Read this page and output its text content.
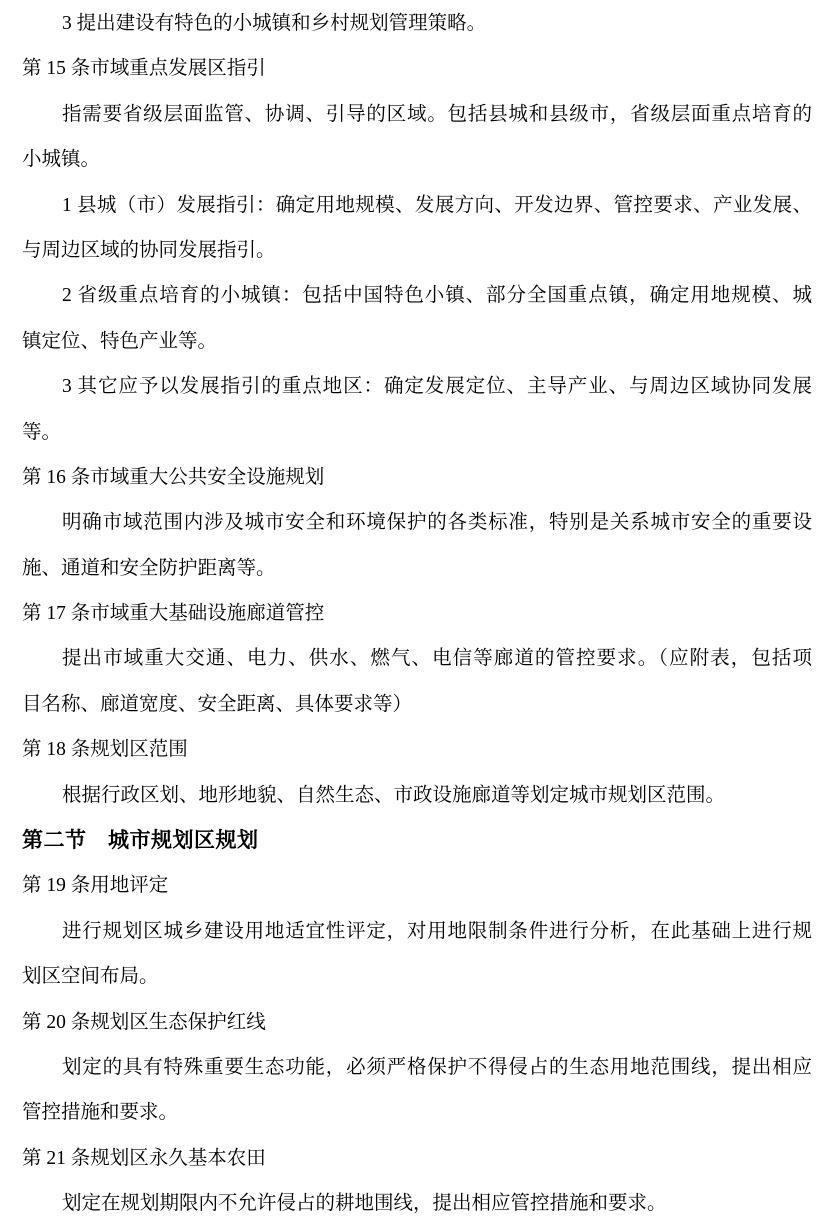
3 提出建设有特色的小城镇和乡村规划管理策略。
第 15 条市域重点发展区指引
指需要省级层面监管、协调、引导的区域。包括县城和县级市，省级层面重点培育的
小城镇。
1 县城（市）发展指引：确定用地规模、发展方向、开发边界、管控要求、产业发展、
与周边区域的协同发展指引。
2 省级重点培育的小城镇：包括中国特色小镇、部分全国重点镇，确定用地规模、城
镇定位、特色产业等。
3 其它应予以发展指引的重点地区：确定发展定位、主导产业、与周边区域协同发展
等。
第 16 条市域重大公共安全设施规划
明确市域范围内涉及城市安全和环境保护的各类标准，特别是关系城市安全的重要设
施、通道和安全防护距离等。
第 17 条市域重大基础设施廊道管控
提出市域重大交通、电力、供水、燃气、电信等廊道的管控要求。（应附表，包括项
目名称、廊道宽度、安全距离、具体要求等）
第 18 条规划区范围
根据行政区划、地形地貌、自然生态、市政设施廊道等划定城市规划区范围。
第二节　城市规划区规划
第 19 条用地评定
进行规划区城乡建设用地适宜性评定，对用地限制条件进行分析，在此基础上进行规
划区空间布局。
第 20 条规划区生态保护红线
划定的具有特殊重要生态功能，必须严格保护不得侵占的生态用地范围线，提出相应
管控措施和要求。
第 21 条规划区永久基本农田
划定在规划期限内不允许侵占的耕地围线，提出相应管控措施和要求。
